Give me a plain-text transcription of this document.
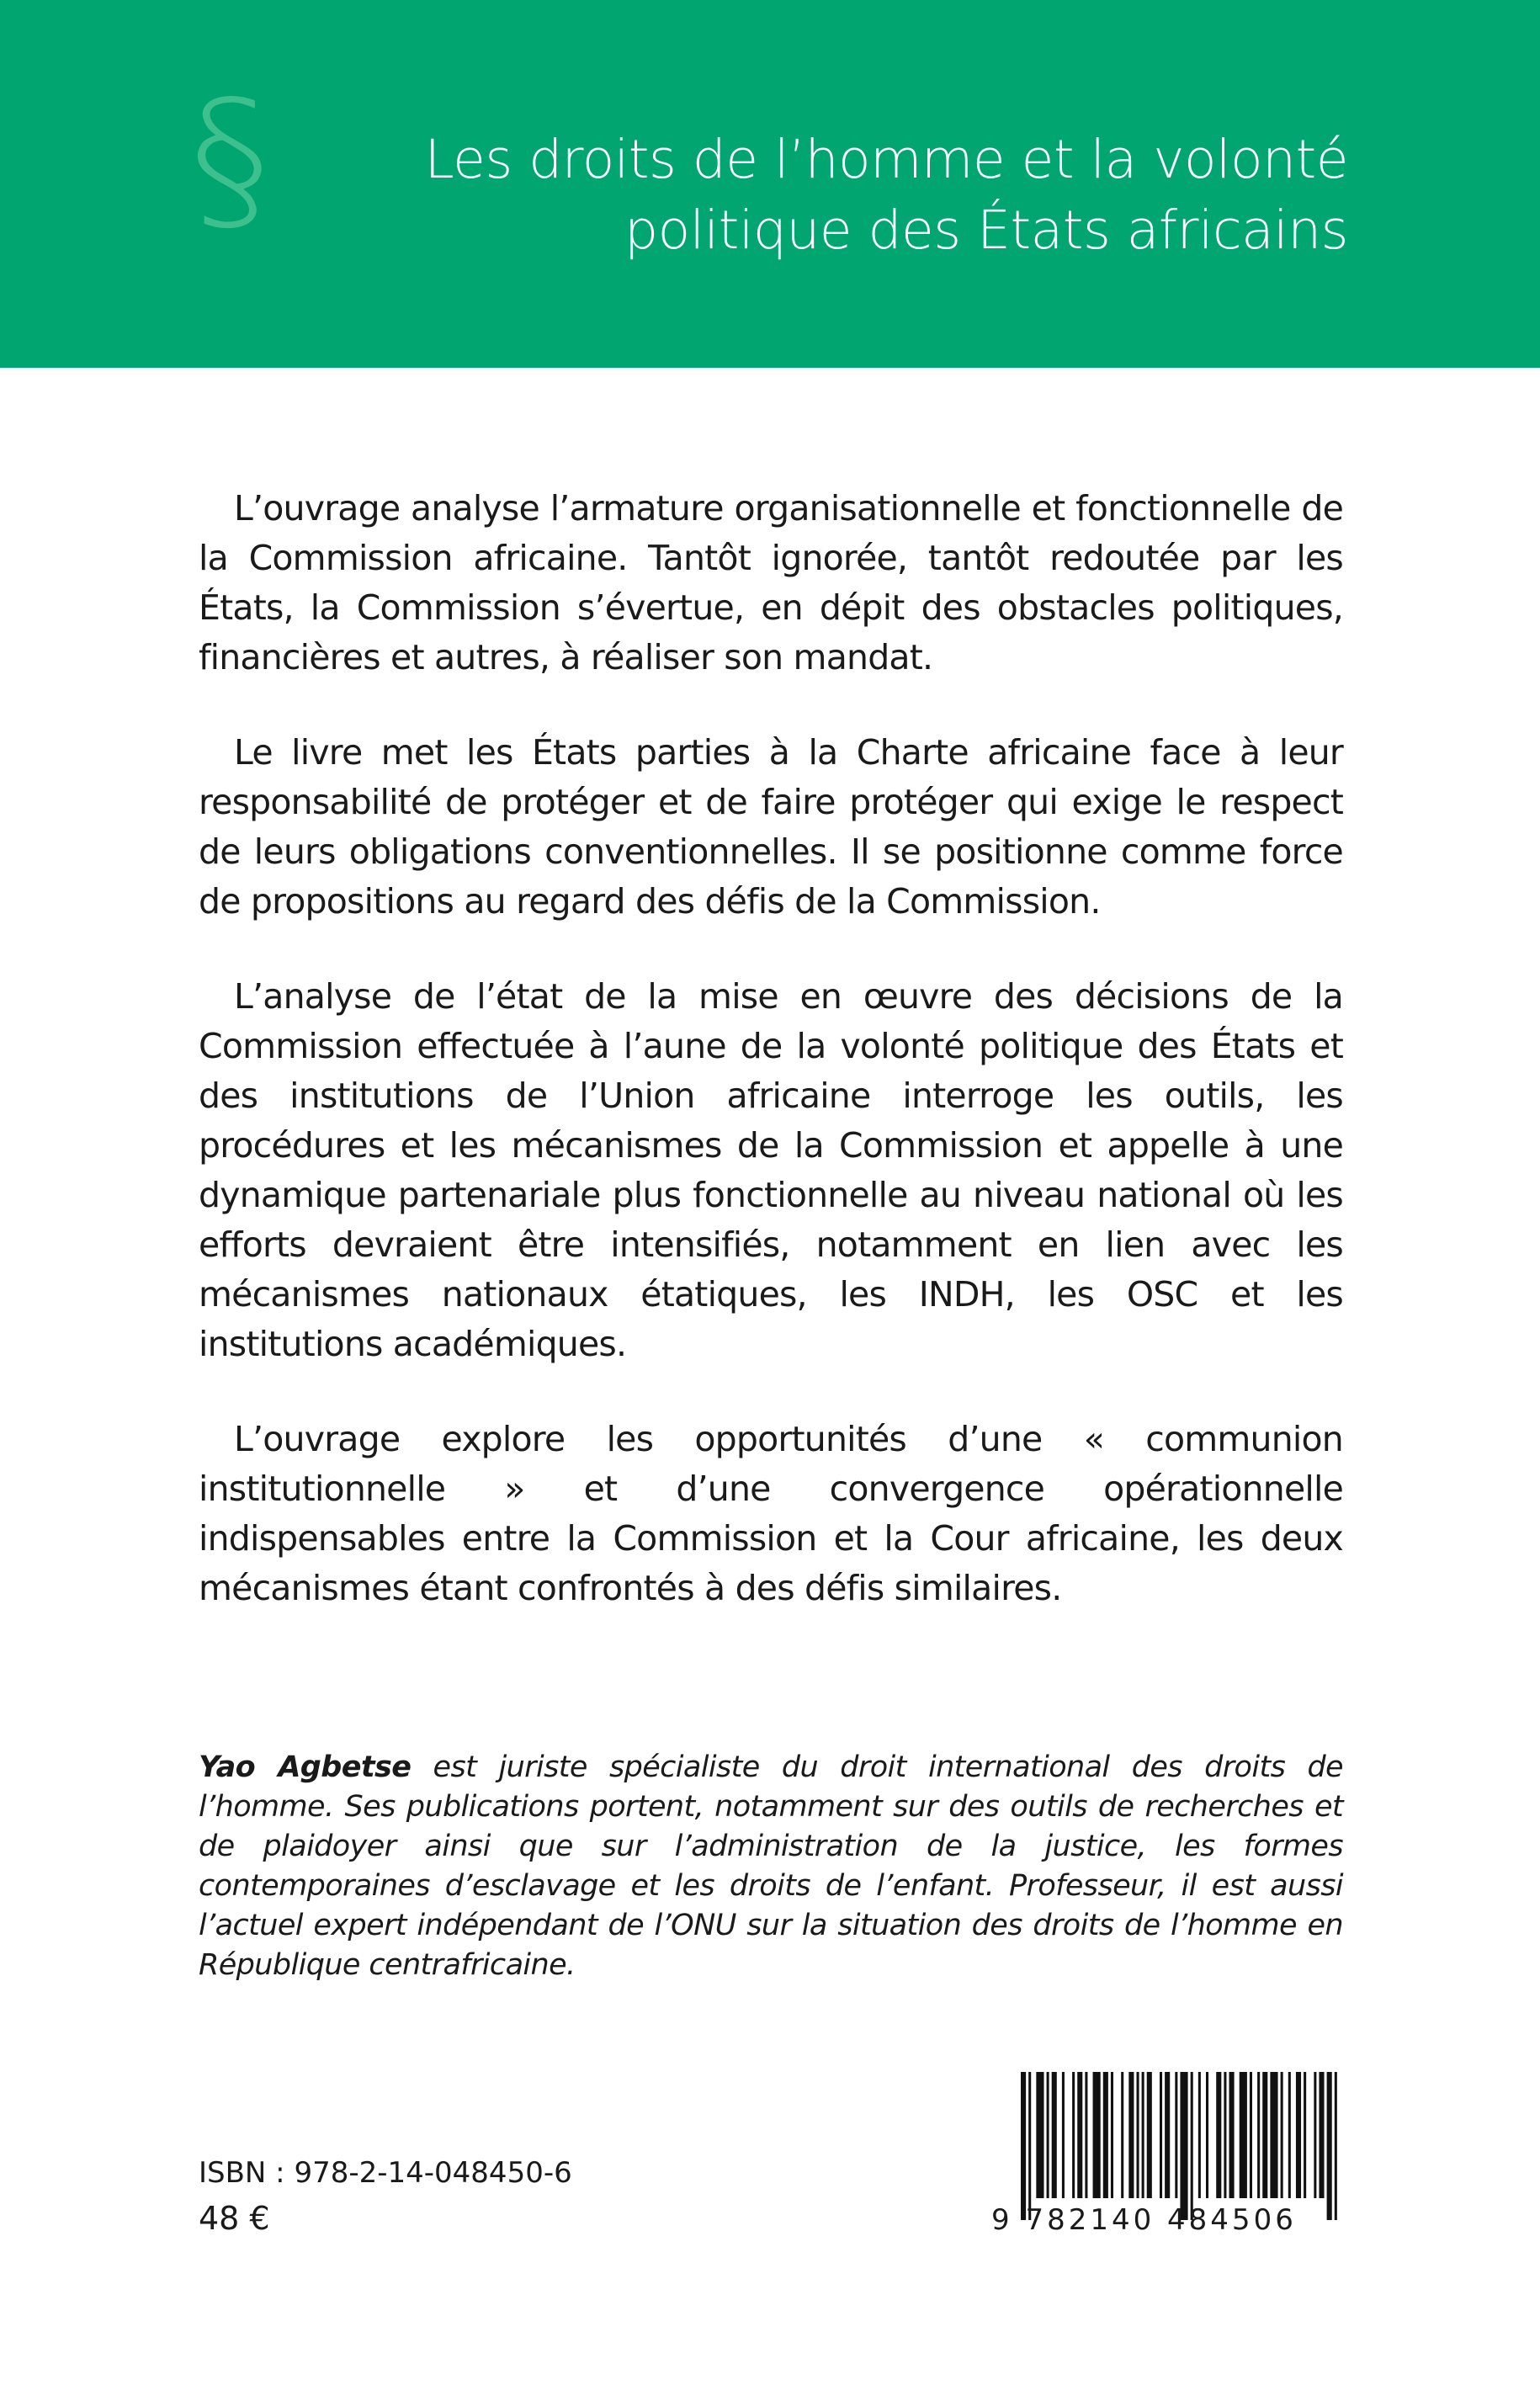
§	Les droits de l’homme et la volonté
politique des États africains

L’ouvrage analyse l’armature organisationnelle et fonctionnelle de la Commission africaine. Tantôt ignorée, tantôt redoutée par les États, la Commission s’évertue, en dépit des obstacles politiques, financières et autres, à réaliser son mandat.

Le livre met les États parties à la Charte africaine face à leur responsabilité de protéger et de faire protéger qui exige le respect de leurs obligations conventionnelles. Il se positionne comme force de propositions au regard des défis de la Commission.

L’analyse de l’état de la mise en œuvre des décisions de la Commission effectuée à l’aune de la volonté politique des États et des institutions de l’Union africaine interroge les outils, les procédures et les mécanismes de la Commission et appelle à une dynamique partenariale plus fonctionnelle au niveau national où les efforts devraient être intensifiés, notamment en lien avec les mécanismes nationaux étatiques, les INDH, les OSC et les institutions académiques.

L’ouvrage explore les opportunités d’une « communion institutionnelle » et d’une convergence opérationnelle indispensables entre la Commission et la Cour africaine, les deux mécanismes étant confrontés à des défis similaires.

Yao Agbetse est juriste spécialiste du droit international des droits de l’homme. Ses publications portent, notamment sur des outils de recherches et de plaidoyer ainsi que sur l’administration de la justice, les formes contemporaines d’esclavage et les droits de l’enfant. Professeur, il est aussi l’actuel expert indépendant de l’ONU sur la situation des droits de l’homme en République centrafricaine.
ISBN : 978-2-14-048450-6
48 €	9 782140 484506
